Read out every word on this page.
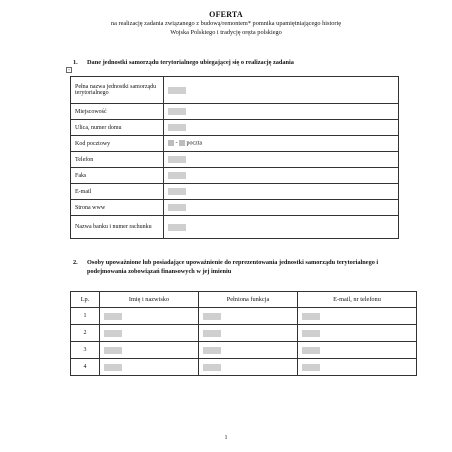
OFERTA
na realizację zadania związanego z budową/remontem* pomnika upamiętniającego historię
Wojska Polskiego i tradycję oręża polskiego
1. Dane jednostki samorządu terytorialnego ubiegającej się o realizację zadania
+
Pełna nazwa jednostki samorządu terytorialnego	
Miejscowość	
Ulica, numer domu	
Kod pocztowy	- poczta
Telefon	
Faks	
E-mail	
Strona www	
Nazwa banku i numer rachunku	
2. Osoby upoważnione lub posiadające upoważnienie do reprezentowania jednostki samorządu terytorialnego i podejmowania zobowiązań finansowych w jej imieniu
Lp.	Imię i nazwisko	Pełniona funkcja	E-mail, nr telefonu
1			
2			
3			
4			
1
